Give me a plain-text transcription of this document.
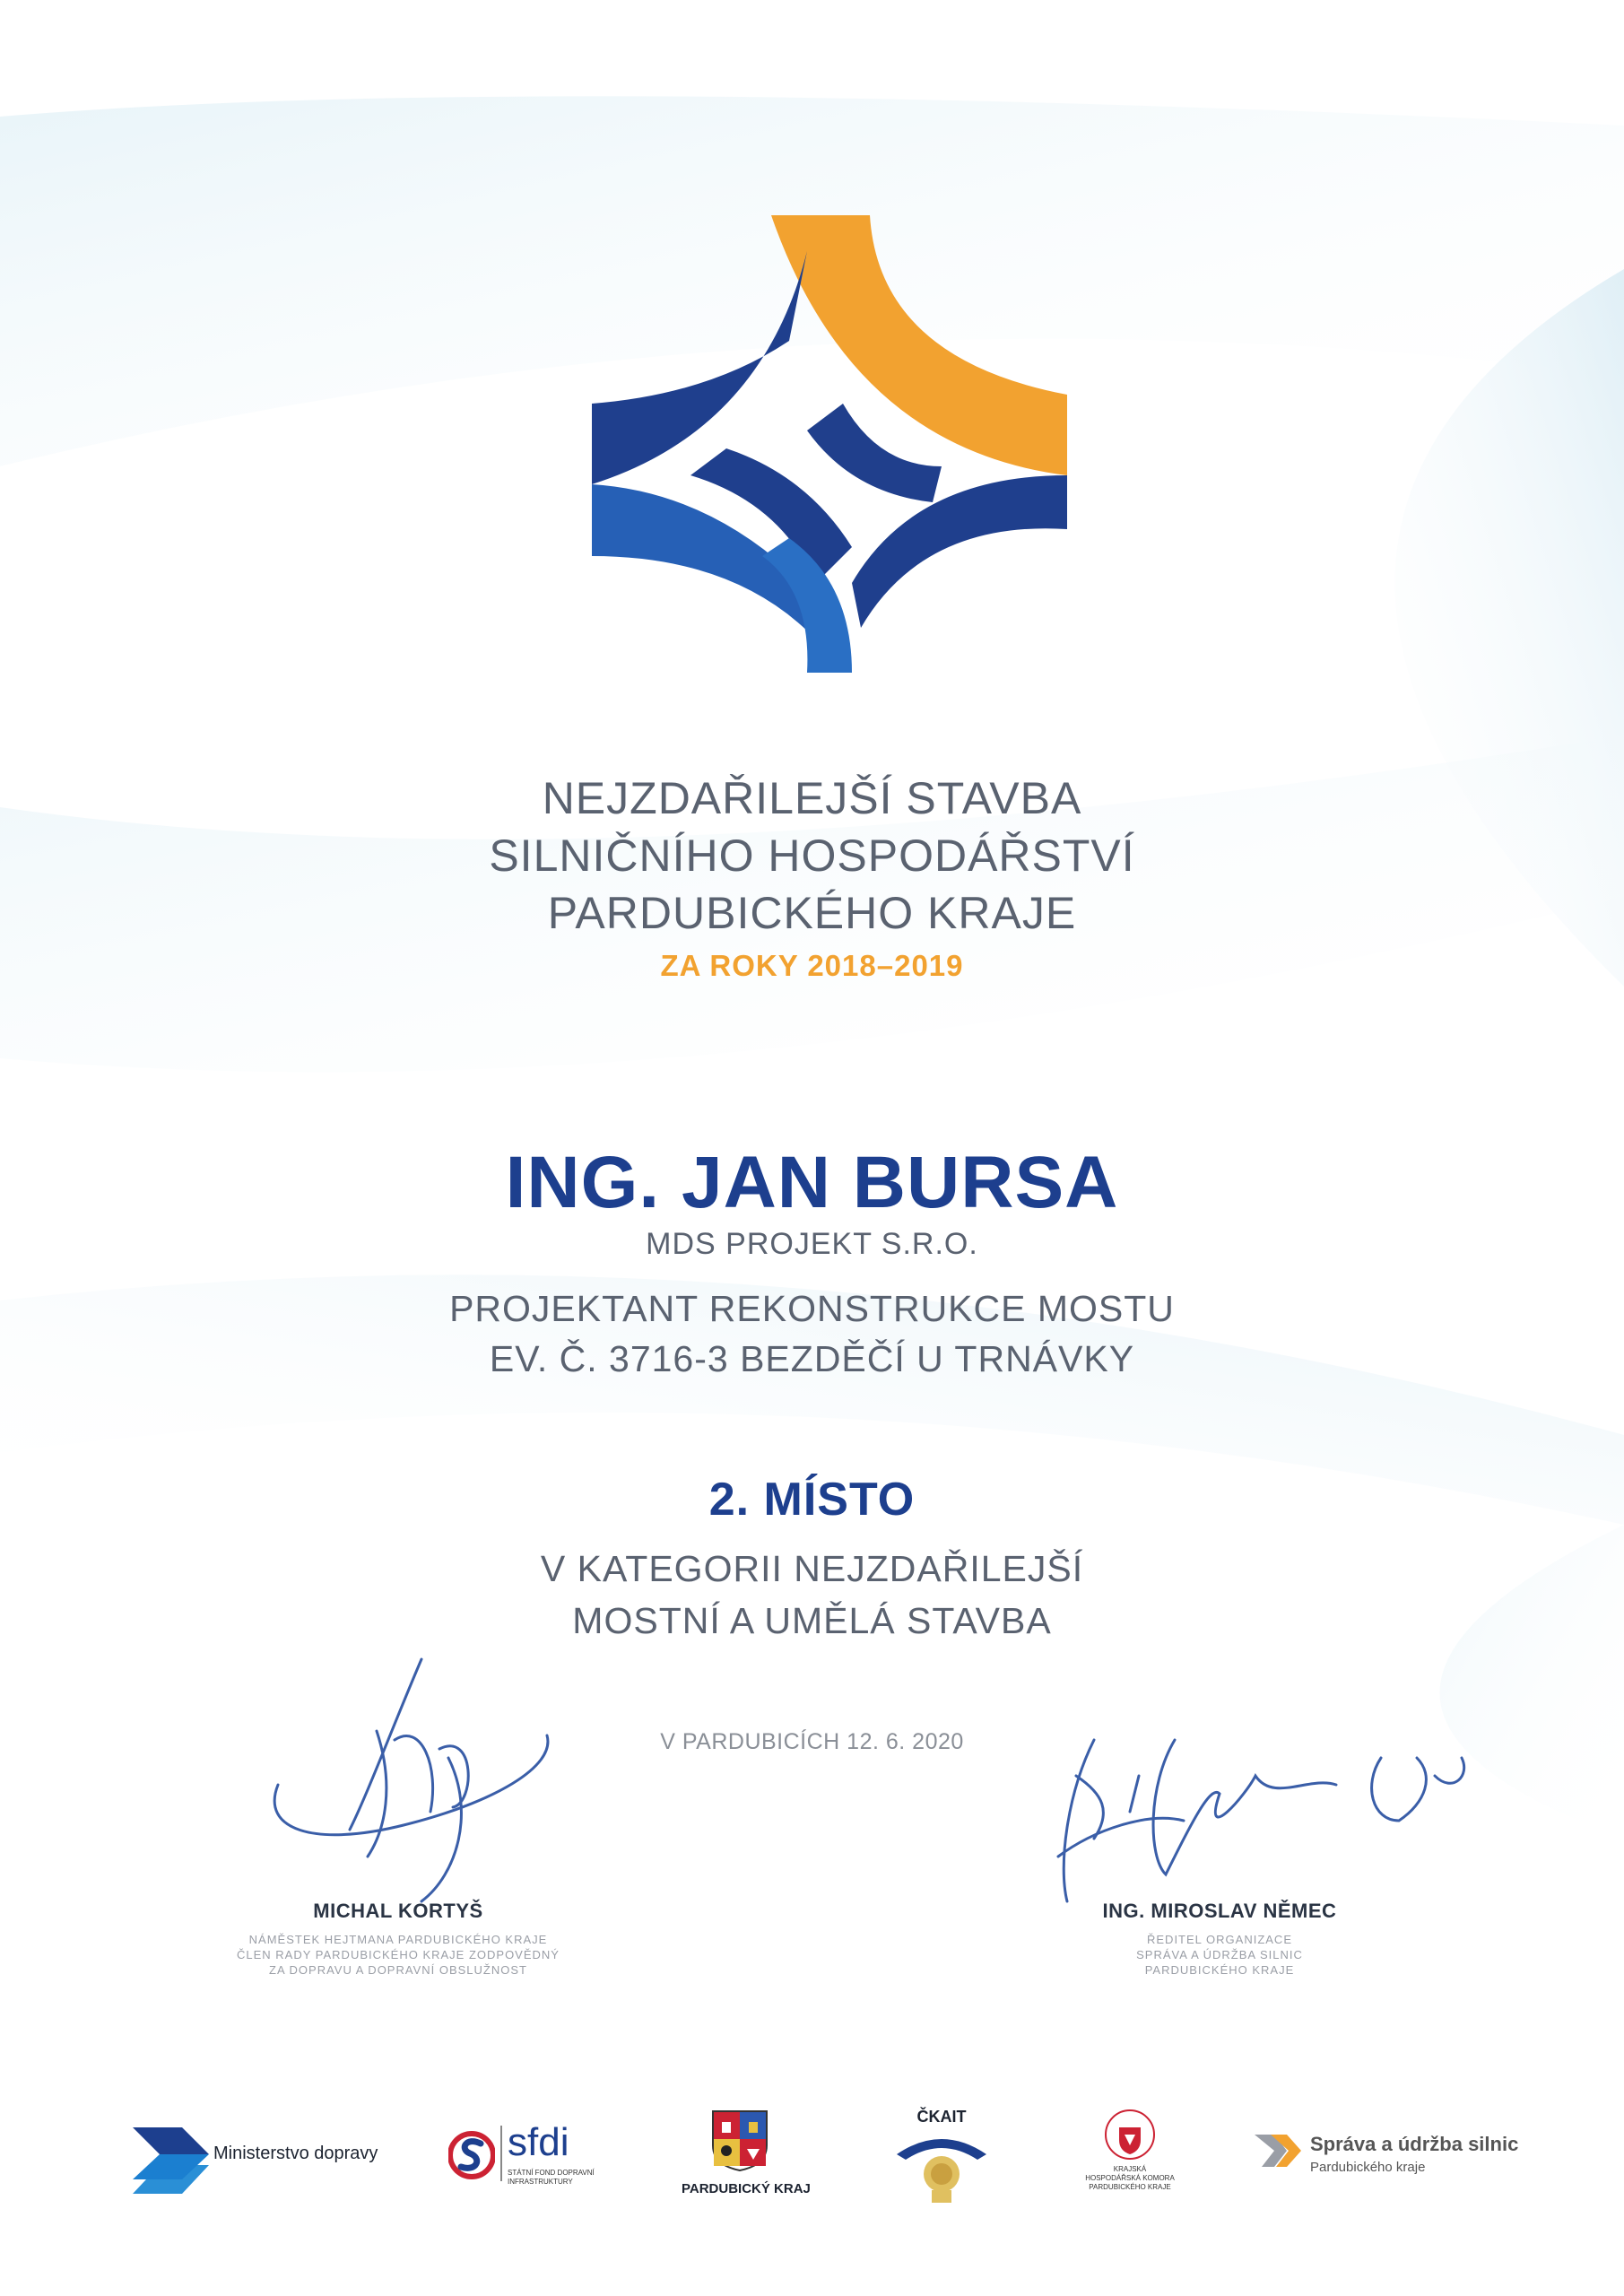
NEJZDAŘILEJŠÍ STAVBA
SILNIČNÍHO HOSPODÁŘSTVÍ
PARDUBICKÉHO KRAJE
ZA ROKY 2018–2019
ING. JAN BURSA
MDS PROJEKT S.R.O.
PROJEKTANT REKONSTRUKCE MOSTU
EV. Č. 3716-3 BEZDĚČÍ U TRNÁVKY
2. MÍSTO
V KATEGORII NEJZDAŘILEJŠÍ
MOSTNÍ A UMĚLÁ STAVBA
V PARDUBICÍCH 12. 6. 2020
MICHAL KORTYŠ
NÁMĚSTEK HEJTMANA PARDUBICKÉHO KRAJE
ČLEN RADY PARDUBICKÉHO KRAJE ZODPOVĚDNÝ
ZA DOPRAVU A DOPRAVNÍ OBSLUŽNOST
ING. MIROSLAV NĚMEC
ŘEDITEL ORGANIZACE
SPRÁVA A ÚDRŽBA SILNIC
PARDUBICKÉHO KRAJE
Ministerstvo dopravy	sfdi
STÁTNÍ FOND DOPRAVNÍ
INFRASTRUKTURY	PARDUBICKÝ KRAJ
ČKAIT
KRAJSKÁ
HOSPODÁŘSKÁ KOMORA
PARDUBICKÉHO KRAJE
Správa a údržba silnic
Pardubického kraje
